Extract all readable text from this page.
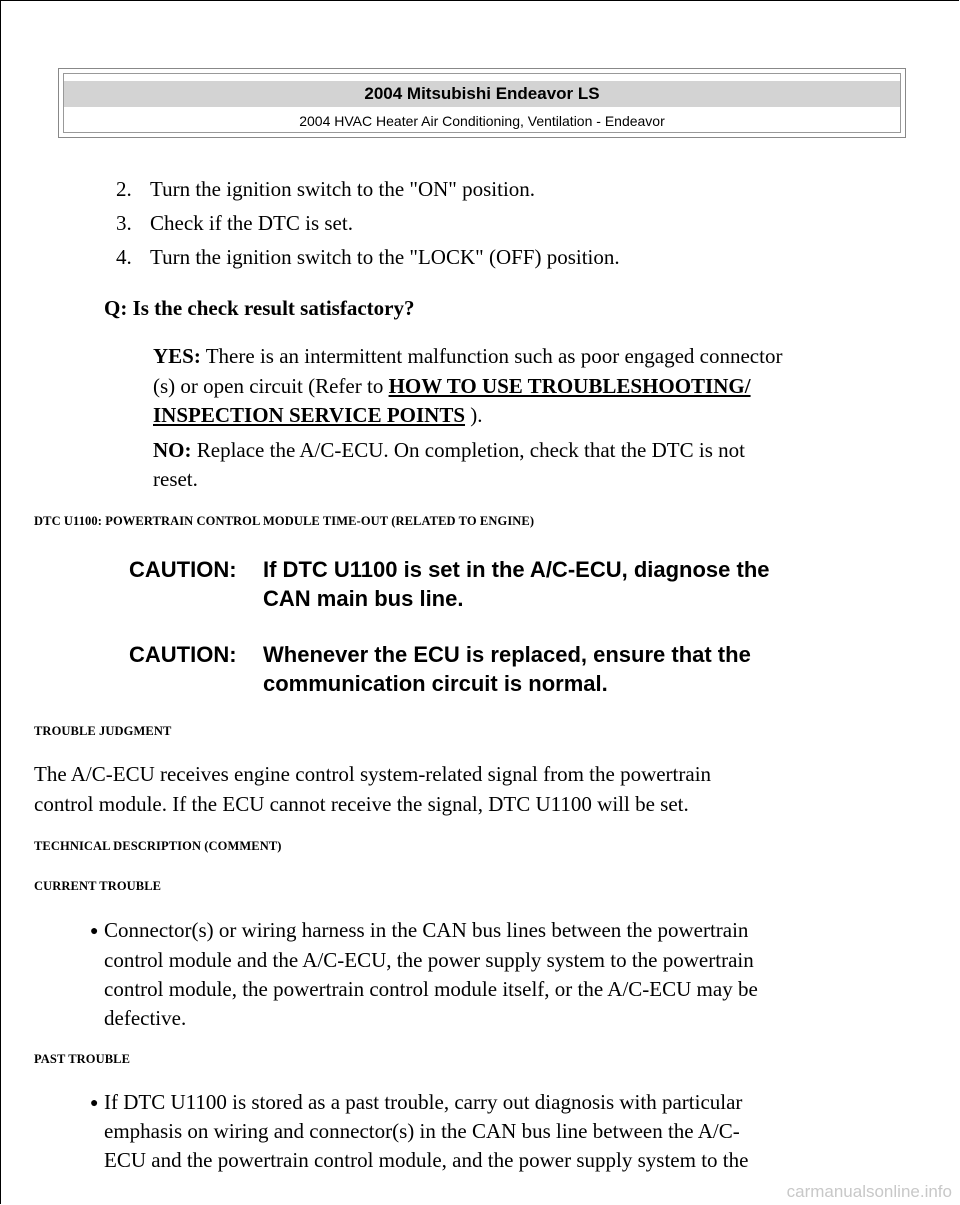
2004 Mitsubishi Endeavor LS
2004 HVAC Heater Air Conditioning, Ventilation - Endeavor
2. Turn the ignition switch to the "ON" position.
3. Check if the DTC is set.
4. Turn the ignition switch to the "LOCK" (OFF) position.
Q: Is the check result satisfactory?
YES: There is an intermittent malfunction such as poor engaged connector
(s) or open circuit (Refer to HOW TO USE TROUBLESHOOTING/
INSPECTION SERVICE POINTS ).
NO: Replace the A/C-ECU. On completion, check that the DTC is not
reset.
DTC U1100: POWERTRAIN CONTROL MODULE TIME-OUT (RELATED TO ENGINE)
CAUTION: If DTC U1100 is set in the A/C-ECU, diagnose the
CAN main bus line.
CAUTION: Whenever the ECU is replaced, ensure that the
communication circuit is normal.
TROUBLE JUDGMENT
The A/C-ECU receives engine control system-related signal from the powertrain
control module. If the ECU cannot receive the signal, DTC U1100 will be set.
TECHNICAL DESCRIPTION (COMMENT)
CURRENT TROUBLE
● Connector(s) or wiring harness in the CAN bus lines between the powertrain
control module and the A/C-ECU, the power supply system to the powertrain
control module, the powertrain control module itself, or the A/C-ECU may be
defective.
PAST TROUBLE
● If DTC U1100 is stored as a past trouble, carry out diagnosis with particular
emphasis on wiring and connector(s) in the CAN bus line between the A/C-
ECU and the powertrain control module, and the power supply system to the
carmanualsonline.info
